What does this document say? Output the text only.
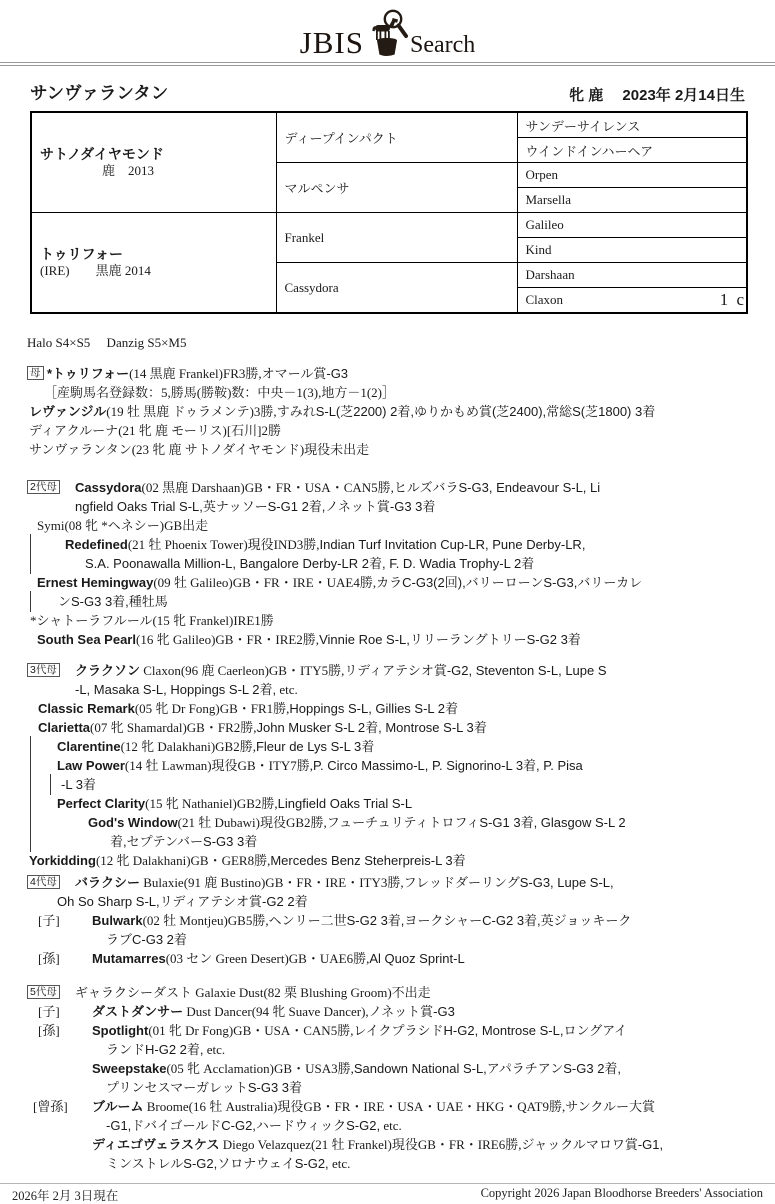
JBIS Search
サンヴァランタン	牝 鹿　 2023年 2月14日生
サトノダイヤモンド
鹿　2013	ディープインパクト	サンデーサイレンス
		ウインドインハーヘア
	マルペンサ	Orpen
		Marsella

トゥリフォー
(IRE)　　黒鹿 2014	Frankel	Galileo
		Kind
	Cassydora	Darshaan

		Claxon 1 c
Halo S4×S5　 Danzig S5×M5
母 *トゥリフォー(14 黒鹿 Frankel)FR3勝,オマール賞-G3
［産駒馬名登録数：5,勝馬(勝鞍)数：中央－1(3),地方－1(2)］
レヴァンジル(19 牡 黒鹿 ドゥラメンテ)3勝,すみれS-L(芝2200) 2着,ゆりかもめ賞(芝2400),常総S(芝1800) 3着
ディアクルーナ(21 牝 鹿 モーリス)[石川]2勝
サンヴァランタン(23 牝 鹿 サトノダイヤモンド)現役未出走
2代母 Cassydora(02 黒鹿 Darshaan)GB・FR・USA・CAN5勝,ヒルズバラS-G3, Endeavour S-L, Li
ngfield Oaks Trial S-L,英ナッソーS-G1 2着,ノネット賞-G3 3着
Symi(08 牝 *ヘネシー)GB出走
Redefined(21 牡 Phoenix Tower)現役IND3勝,Indian Turf Invitation Cup-LR, Pune Derby-LR,
S.A. Poonawalla Million-L, Bangalore Derby-LR 2着, F. D. Wadia Trophy-L 2着
Ernest Hemingway(09 牡 Galileo)GB・FR・IRE・UAE4勝,カラC-G3(2回),バリーローンS-G3,バリーカレ
ンS-G3 3着,種牡馬
*シャトーラフルール(15 牝 Frankel)IRE1勝
South Sea Pearl(16 牝 Galileo)GB・FR・IRE2勝,Vinnie Roe S-L,リリーラングトリーS-G2 3着
3代母 クラクソン Claxon(96 鹿 Caerleon)GB・ITY5勝,リディアテシオ賞-G2, Steventon S-L, Lupe S
-L, Masaka S-L, Hoppings S-L 2着, etc.
Classic Remark(05 牝 Dr Fong)GB・FR1勝,Hoppings S-L, Gillies S-L 2着
Clarietta(07 牝 Shamardal)GB・FR2勝,John Musker S-L 2着, Montrose S-L 3着
Clarentine(12 牝 Dalakhani)GB2勝,Fleur de Lys S-L 3着
Law Power(14 牡 Lawman)現役GB・ITY7勝,P. Circo Massimo-L, P. Signorino-L 3着, P. Pisa
-L 3着
Perfect Clarity(15 牝 Nathaniel)GB2勝,Lingfield Oaks Trial S-L
God's Window(21 牡 Dubawi)現役GB2勝,フューチュリティトロフィS-G1 3着, Glasgow S-L 2
着,セプテンバーS-G3 3着
Yorkidding(12 牝 Dalakhani)GB・GER8勝,Mercedes Benz Steherpreis-L 3着
4代母 バラクシー Bulaxie(91 鹿 Bustino)GB・FR・IRE・ITY3勝,フレッドダーリングS-G3, Lupe S-L,
Oh So Sharp S-L,リディアテシオ賞-G2 2着
[子] Bulwark(02 牡 Montjeu)GB5勝,ヘンリー二世S-G2 3着,ヨークシャーC-G2 3着,英ジョッキーク
ラブC-G3 2着
[孫] Mutamarres(03 セン Green Desert)GB・UAE6勝,Al Quoz Sprint-L
5代母 ギャラクシーダスト Galaxie Dust(82 栗 Blushing Groom)不出走
[子] ダストダンサー Dust Dancer(94 牝 Suave Dancer),ノネット賞-G3
[孫] Spotlight(01 牝 Dr Fong)GB・USA・CAN5勝,レイクプラシドH-G2, Montrose S-L,ロングアイ
ランドH-G2 2着, etc.
Sweepstake(05 牝 Acclamation)GB・USA3勝,Sandown National S-L,アパラチアンS-G3 2着,
プリンセスマーガレットS-G3 3着
[曾孫] ブルーム Broome(16 牡 Australia)現役GB・FR・IRE・USA・UAE・HKG・QAT9勝,サンクルー大賞
-G1,ドバイゴールドC-G2,ハードウィックS-G2, etc.
ディエゴヴェラスケス Diego Velazquez(21 牡 Frankel)現役GB・FR・IRE6勝,ジャックルマロワ賞-G1,
ミンストレルS-G2,ソロナウェイS-G2, etc.
2026年 2月 3日現在	Copyright 2026 Japan Bloodhorse Breeders' Association
